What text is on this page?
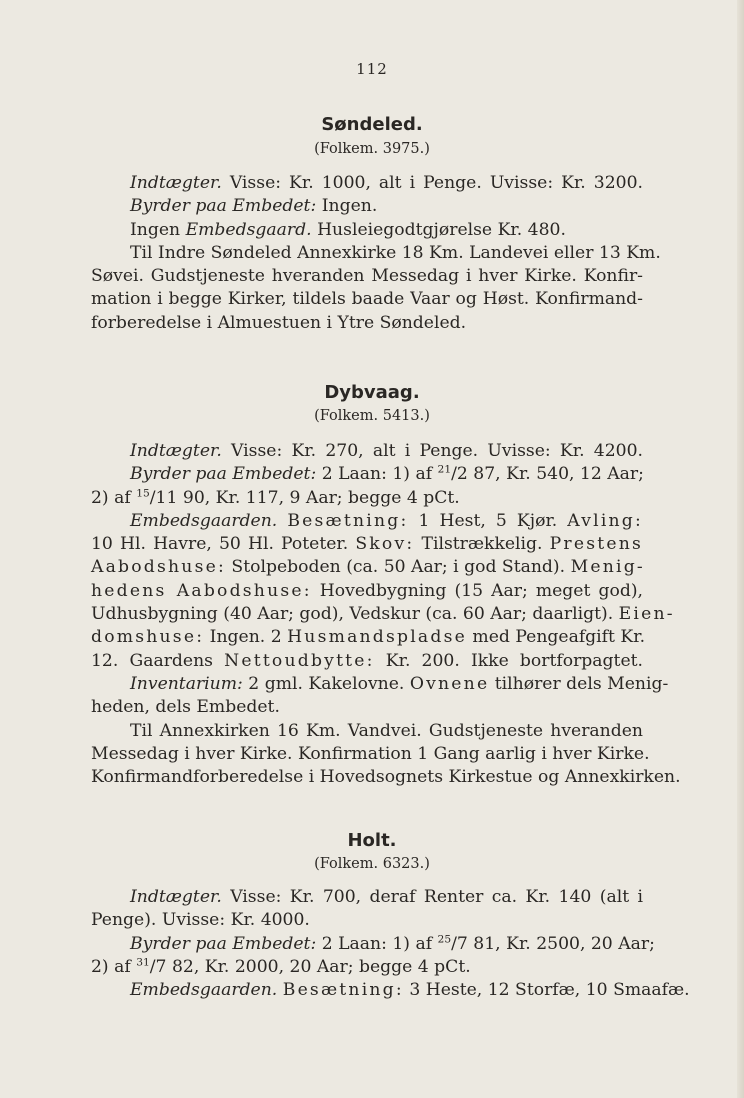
112
Søndeled.
(Folkem. 3975.)
Indtægter. Visse: Kr. 1000, alt i Penge. Uvisse: Kr. 3200.
Byrder paa Embedet: Ingen.
Ingen Embedsgaard. Husleiegodtgjørelse Kr. 480.
Til Indre Søndeled Annexkirke 18 Km. Landevei eller 13 Km.
Søvei. Gudstjeneste hveranden Messedag i hver Kirke. Konfir-
mation i begge Kirker, tildels baade Vaar og Høst. Konfirmand-
forberedelse i Almuestuen i Ytre Søndeled.
Dybvaag.
(Folkem. 5413.)
Indtægter. Visse: Kr. 270, alt i Penge. Uvisse: Kr. 4200.
Byrder paa Embedet: 2 Laan: 1) af $^{21}$/2 87, Kr. 540, 12 Aar;
2) af $^{15}$/11 90, Kr. 117, 9 Aar; begge 4 pCt.
Embedsgaarden. Besætning: 1 Hest, 5 Kjør. Avling:
10 Hl. Havre, 50 Hl. Poteter. Skov: Tilstrækkelig. Prestens
Aabodshuse: Stolpeboden (ca. 50 Aar; i god Stand). Menig-
hedens Aabodshuse: Hovedbygning (15 Aar; meget god),
Udhusbygning (40 Aar; god), Vedskur (ca. 60 Aar; daarligt). Eien-
domshuse: Ingen. 2 Husmandspladse med Pengeafgift Kr.
12. Gaardens Nettoudbytte: Kr. 200. Ikke bortforpagtet.
Inventarium: 2 gml. Kakelovne. Ovnene tilhører dels Menig-
heden, dels Embedet.
Til Annexkirken 16 Km. Vandvei. Gudstjeneste hveranden
Messedag i hver Kirke. Konfirmation 1 Gang aarlig i hver Kirke.
Konfirmandforberedelse i Hovedsognets Kirkestue og Annexkirken.
Holt.
(Folkem. 6323.)
Indtægter. Visse: Kr. 700, deraf Renter ca. Kr. 140 (alt i
Penge). Uvisse: Kr. 4000.
Byrder paa Embedet: 2 Laan: 1) af $^{25}$/7 81, Kr. 2500, 20 Aar;
2) af $^{31}$/7 82, Kr. 2000, 20 Aar; begge 4 pCt.
Embedsgaarden. Besætning: 3 Heste, 12 Storfæ, 10 Smaafæ.
